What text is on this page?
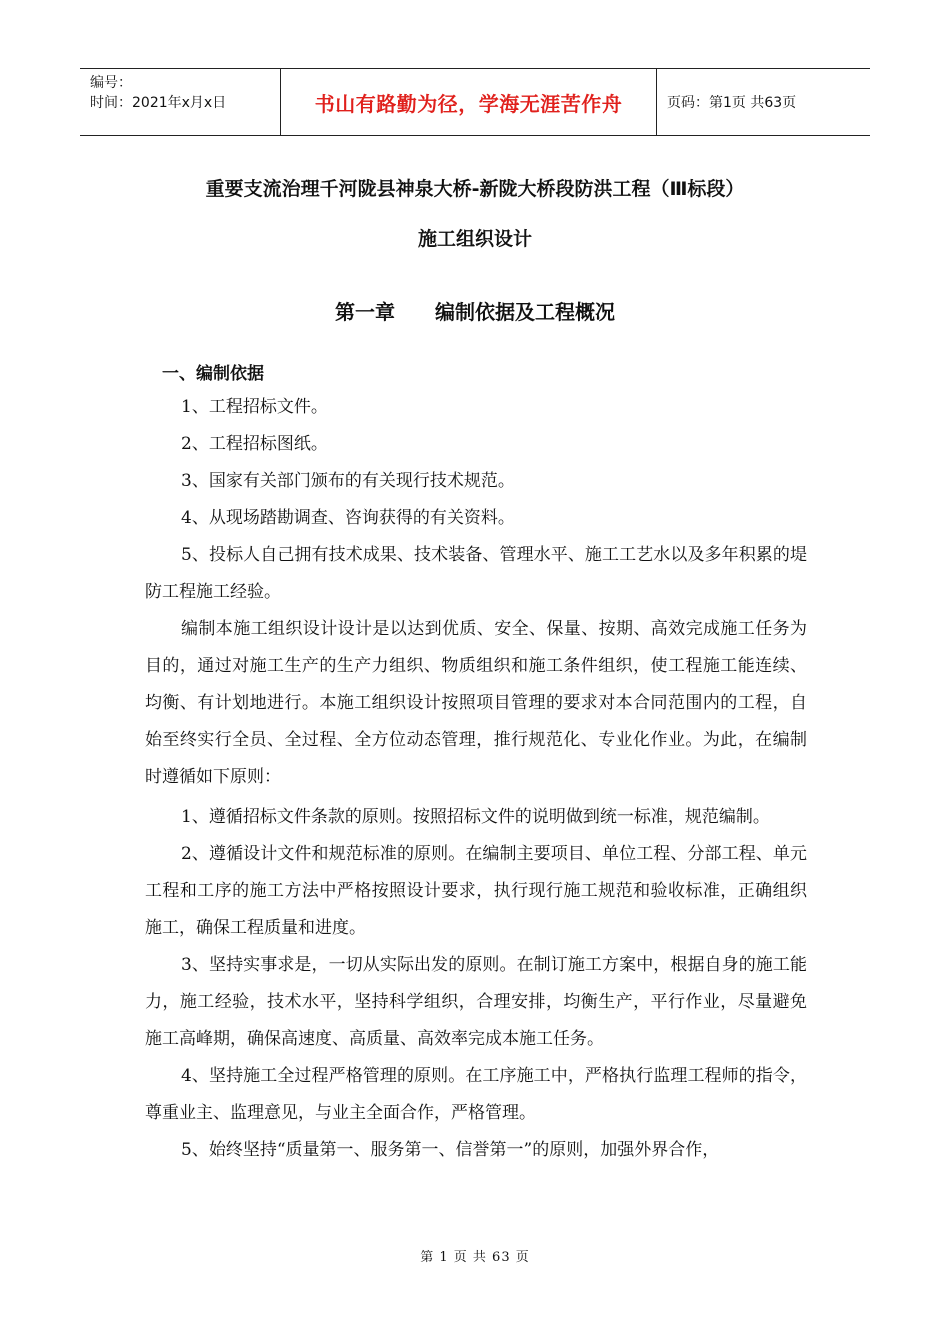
编号：
时间：2021年x月x日	书山有路勤为径，学海无涯苦作舟	页码：第1页 共63页
重要支流治理千河陇县神泉大桥-新陇大桥段防洪工程（Ⅲ标段）
施工组织设计
第一章 编制依据及工程概况
一、编制依据

1、工程招标文件。

2、工程招标图纸。

3、国家有关部门颁布的有关现行技术规范。

4、从现场踏勘调查、咨询获得的有关资料。

5、投标人自己拥有技术成果、技术装备、管理水平、施工工艺水以及多年积累的堤防工程施工经验。

编制本施工组织设计设计是以达到优质、安全、保量、按期、高效完成施工任务为目的，通过对施工生产的生产力组织、物质组织和施工条件组织，使工程施工能连续、均衡、有计划地进行。本施工组织设计按照项目管理的要求对本合同范围内的工程，自始至终实行全员、全过程、全方位动态管理，推行规范化、专业化作业。为此，在编制时遵循如下原则：

1、遵循招标文件条款的原则。按照招标文件的说明做到统一标准，规范编制。

2、遵循设计文件和规范标准的原则。在编制主要项目、单位工程、分部工程、单元工程和工序的施工方法中严格按照设计要求，执行现行施工规范和验收标准，正确组织施工，确保工程质量和进度。

3、坚持实事求是，一切从实际出发的原则。在制订施工方案中，根据自身的施工能力，施工经验，技术水平，坚持科学组织，合理安排，均衡生产，平行作业，尽量避免施工高峰期，确保高速度、高质量、高效率完成本施工任务。

4、坚持施工全过程严格管理的原则。在工序施工中，严格执行监理工程师的指令，尊重业主、监理意见，与业主全面合作，严格管理。

5、始终坚持“质量第一、服务第一、信誉第一”的原则，加强外界合作，

第 1 页 共 63 页
